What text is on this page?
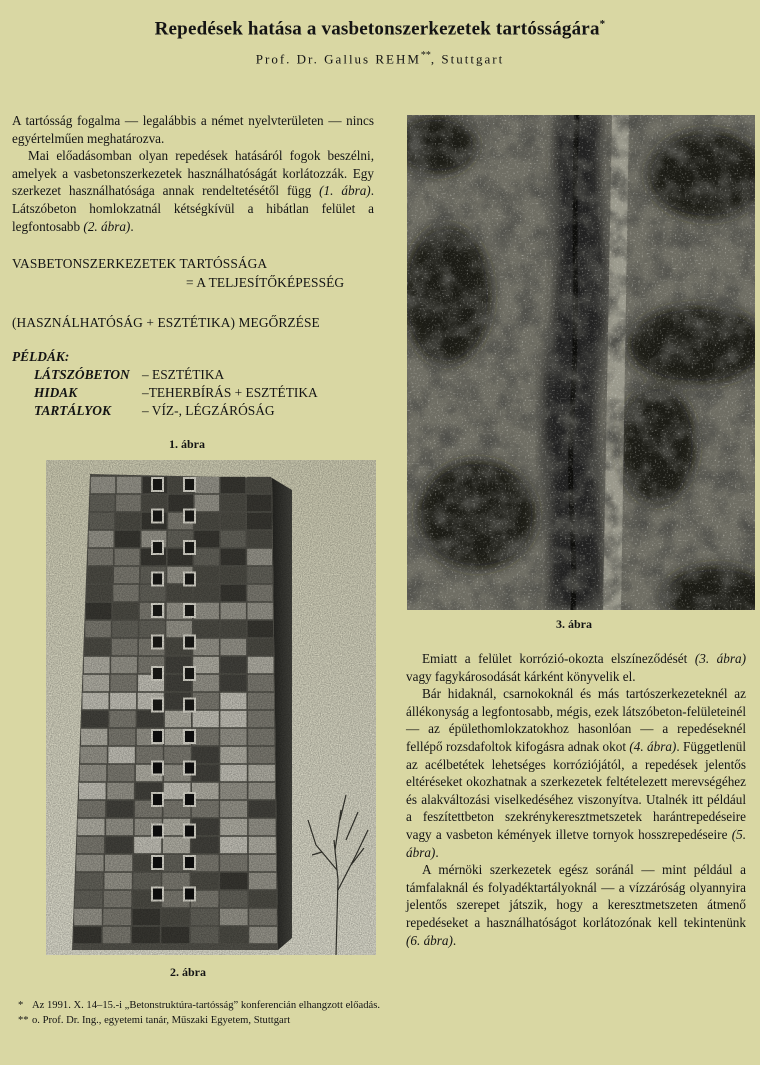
Repedések hatása a vasbetonszerkezetek tartósságára*
Prof. Dr. Gallus REHM**, Stuttgart

A tartósság fogalma — legalábbis a német nyelvterületen — nincs egyértelműen meghatározva.

Mai előadásomban olyan repedések hatásáról fogok beszélni, amelyek a vasbetonszerkezetek használhatóságát korlátozzák. Egy szerkezet használhatósága annak rendeltetésétől függ (1. ábra). Látszóbeton homlokzatnál kétségkívül a hibátlan felület a legfontosabb (2. ábra).

VASBETONSZERKEZETEK TARTÓSSÁGA
= A TELJESÍTŐKÉPESSÉG
(HASZNÁLHATÓSÁG + ESZTÉTIKA) MEGŐRZÉSE
PÉLDÁK:
LÁTSZÓBETON – ESZTÉTIKA
HIDAK	–TEHERBÍRÁS + ESZTÉTIKA
TARTÁLYOK	– VÍZ-, LÉGZÁRÓSÁG
1. ábra
2. ábra
3. ábra

Emiatt a felület korrózió-okozta elszíneződését (3. ábra) vagy fagykárosodását kárként könyvelik el.

Bár hidaknál, csarnokoknál és más tartószerkezeteknél az állékonyság a legfontosabb, mégis, ezek látszóbeton-felületeinél — az épülethomlokzatokhoz hasonlóan — a repedéseknél fellépő rozsdafoltok kifogásra adnak okot (4. ábra). Függetlenül az acélbetétek lehetséges korróziójától, a repedések jelentős eltéréseket okozhatnak a szerkezetek feltételezett merevségéhez és alakváltozási viselkedéséhez viszonyítva. Utalnék itt például a feszítettbeton szekrénykeresztmetszetek harántrepedéseire vagy a vasbeton kémények illetve tornyok hosszrepedéseire (5. ábra).

A mérnöki szerkezetek egész soránál — mint például a támfalaknál és folyadéktartályoknál — a vízzáróság olyannyira jelentős szerepet játszik, hogy a keresztmetszeten átmenő repedéseket a használhatóságot korlátozónak kell tekintenünk (6. ábra).

* Az 1991. X. 14–15.-i „Betonstruktúra-tartósság” konferencián elhangzott előadás.
** o. Prof. Dr. Ing., egyetemi tanár, Műszaki Egyetem, Stuttgart
